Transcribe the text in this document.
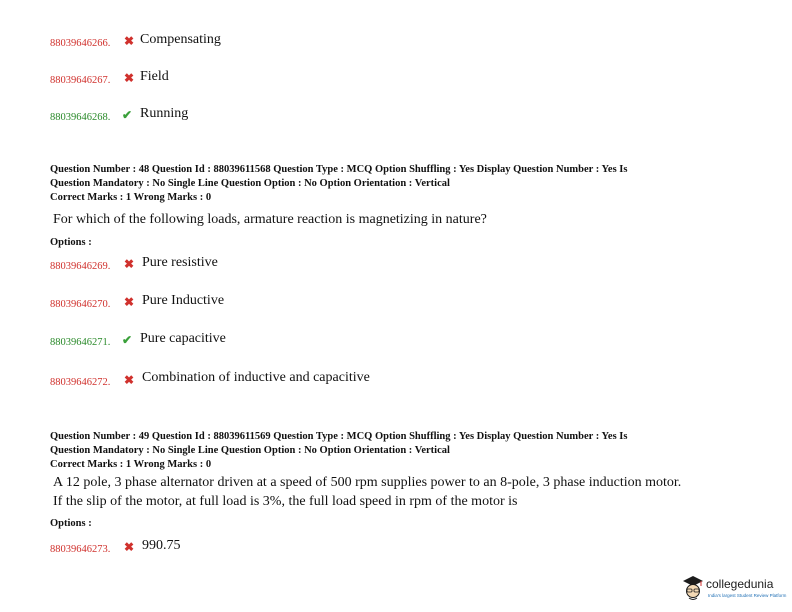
88039646266. ✖ Compensating
88039646267. ✖ Field
88039646268. ✔ Running
Question Number : 48 Question Id : 88039611568 Question Type : MCQ Option Shuffling : Yes Display Question Number : Yes Is
Question Mandatory : No Single Line Question Option : No Option Orientation : Vertical
Correct Marks : 1 Wrong Marks : 0
For which of the following loads, armature reaction is magnetizing in nature?
Options :
88039646269. ✖ Pure resistive
88039646270. ✖ Pure Inductive
88039646271. ✔ Pure capacitive
88039646272. ✖ Combination of inductive and capacitive
Question Number : 49 Question Id : 88039611569 Question Type : MCQ Option Shuffling : Yes Display Question Number : Yes Is
Question Mandatory : No Single Line Question Option : No Option Orientation : Vertical
Correct Marks : 1 Wrong Marks : 0
A 12 pole, 3 phase alternator driven at a speed of 500 rpm supplies power to an 8-pole, 3 phase induction motor.
If the slip of the motor, at full load is 3%, the full load speed in rpm of the motor is
Options :
88039646273. ✖ 990.75
collegedunia
India's largest Student Review Platform
